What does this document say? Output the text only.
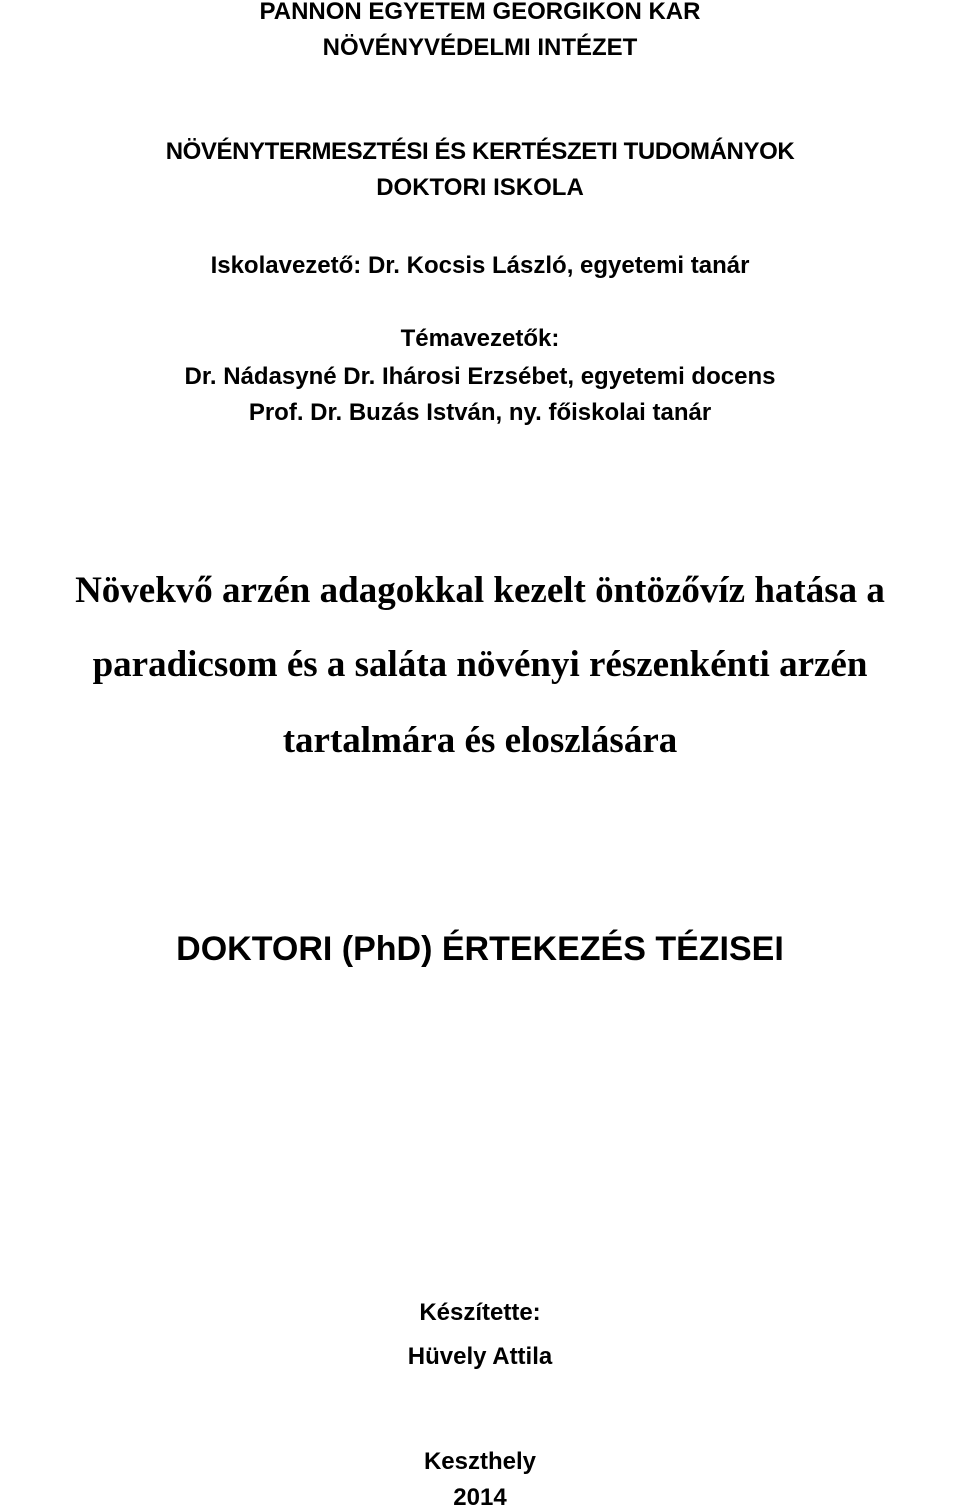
PANNON EGYETEM GEORGIKON KAR

NÖVÉNYVÉDELMI INTÉZET

NÖVÉNYTERMESZTÉSI ÉS KERTÉSZETI TUDOMÁNYOK

DOKTORI ISKOLA

Iskolavezető: Dr. Kocsis László, egyetemi tanár

Témavezetők:

Dr. Nádasyné Dr. Ihárosi Erzsébet, egyetemi docens

Prof. Dr. Buzás István, ny. főiskolai tanár

Növekvő arzén adagokkal kezelt öntözővíz hatása a

paradicsom és a saláta növényi részenkénti arzén

tartalmára és eloszlására

DOKTORI (PhD) ÉRTEKEZÉS TÉZISEI

Készítette:

Hüvely Attila

Keszthely

2014
